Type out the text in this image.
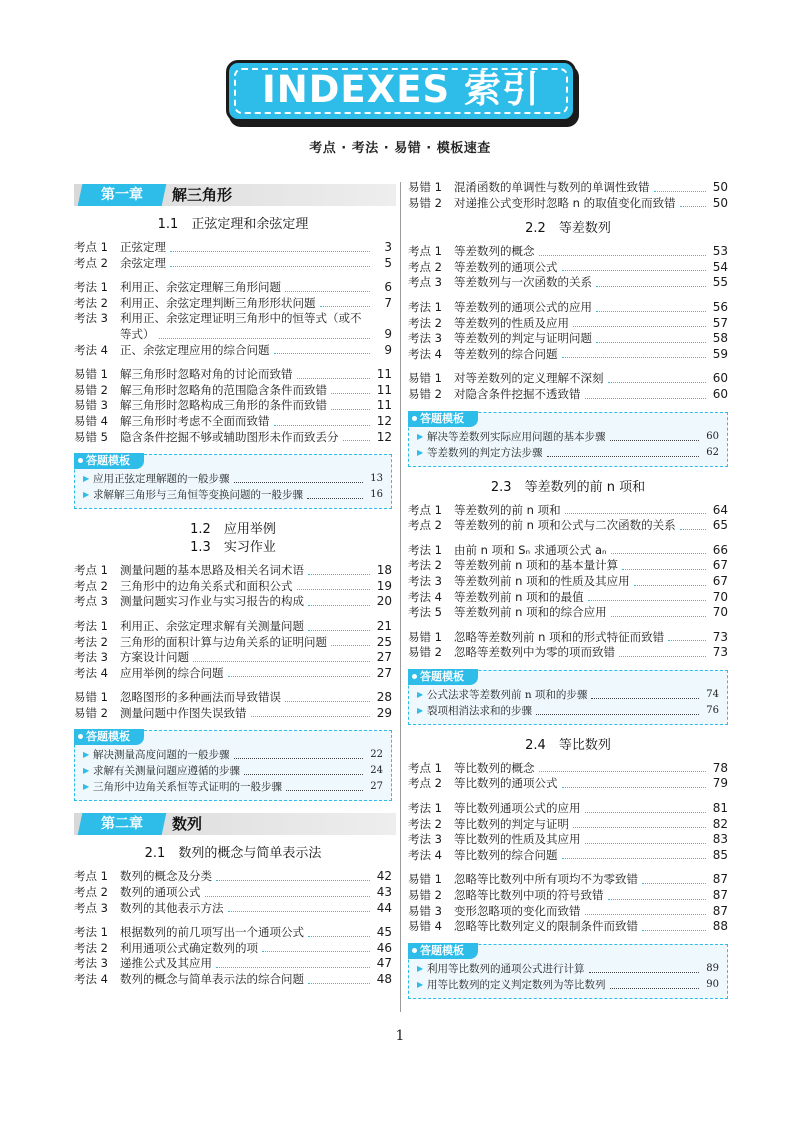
INDEXES 索引
考点 · 考法 · 易错 · 模板速查
第一章	解三角形
1.1　正弦定理和余弦定理
考点 1	正弦定理	3
考点 2	余弦定理	5
考法 1	利用正、余弦定理解三角形问题	6
考法 2	利用正、余弦定理判断三角形形状问题	7
考法 3	利用正、余弦定理证明三角形中的恒等式（或不
等式）	9
考法 4	正、余弦定理应用的综合问题	9
易错 1	解三角形时忽略对角的讨论而致错	11
易错 2	解三角形时忽略角的范围隐含条件而致错	11
易错 3	解三角形时忽略构成三角形的条件而致错	11
易错 4	解三角形时考虑不全面而致错	12
易错 5	隐含条件挖掘不够或辅助图形未作而致丢分	12
答题模板
▶ 应用正弦定理解题的一般步骤	13
▶ 求解解三角形与三角恒等变换问题的一般步骤	16
1.2　应用举例
1.3　实习作业
考点 1	测量问题的基本思路及相关名词术语	18
考点 2	三角形中的边角关系式和面积公式	19
考点 3	测量问题实习作业与实习报告的构成	20
考法 1	利用正、余弦定理求解有关测量问题	21
考法 2	三角形的面积计算与边角关系的证明问题	25
考法 3	方案设计问题	27
考法 4	应用举例的综合问题	27
易错 1	忽略图形的多种画法而导致错误	28
易错 2	测量问题中作图失误致错	29
答题模板
▶ 解决测量高度问题的一般步骤	22
▶ 求解有关测量问题应遵循的步骤	24
▶ 三角形中边角关系恒等式证明的一般步骤	27
第二章	数列
2.1　数列的概念与简单表示法
考点 1	数列的概念及分类	42
考点 2	数列的通项公式	43
考点 3	数列的其他表示方法	44
考法 1	根据数列的前几项写出一个通项公式	45
考法 2	利用通项公式确定数列的项	46
考法 3	递推公式及其应用	47
考法 4	数列的概念与简单表示法的综合问题	48
易错 1	混淆函数的单调性与数列的单调性致错	50
易错 2	对递推公式变形时忽略 n 的取值变化而致错	50
2.2　等差数列
考点 1	等差数列的概念	53
考点 2	等差数列的通项公式	54
考点 3	等差数列与一次函数的关系	55
考法 1	等差数列的通项公式的应用	56
考法 2	等差数列的性质及应用	57
考法 3	等差数列的判定与证明问题	58
考法 4	等差数列的综合问题	59
易错 1	对等差数列的定义理解不深刻	60
易错 2	对隐含条件挖掘不透致错	60
答题模板
▶ 解决等差数列实际应用问题的基本步骤	60
▶ 等差数列的判定方法步骤	62
2.3　等差数列的前 n 项和
考点 1	等差数列的前 n 项和	64
考点 2	等差数列的前 n 项和公式与二次函数的关系	65
考法 1	由前 n 项和 Sₙ 求通项公式 aₙ	66
考法 2	等差数列前 n 项和的基本量计算	67
考法 3	等差数列前 n 项和的性质及其应用	67
考法 4	等差数列前 n 项和的最值	70
考法 5	等差数列前 n 项和的综合应用	70
易错 1	忽略等差数列前 n 项和的形式特征而致错	73
易错 2	忽略等差数列中为零的项而致错	73
答题模板
▶ 公式法求等差数列前 n 项和的步骤	74
▶ 裂项相消法求和的步骤	76
2.4　等比数列
考点 1	等比数列的概念	78
考点 2	等比数列的通项公式	79
考法 1	等比数列通项公式的应用	81
考法 2	等比数列的判定与证明	82
考法 3	等比数列的性质及其应用	83
考法 4	等比数列的综合问题	85
易错 1	忽略等比数列中所有项均不为零致错	87
易错 2	忽略等比数列中项的符号致错	87
易错 3	变形忽略项的变化而致错	87
易错 4	忽略等比数列定义的限制条件而致错	88
答题模板
▶ 利用等比数列的通项公式进行计算	89
▶ 用等比数列的定义判定数列为等比数列	90
1
